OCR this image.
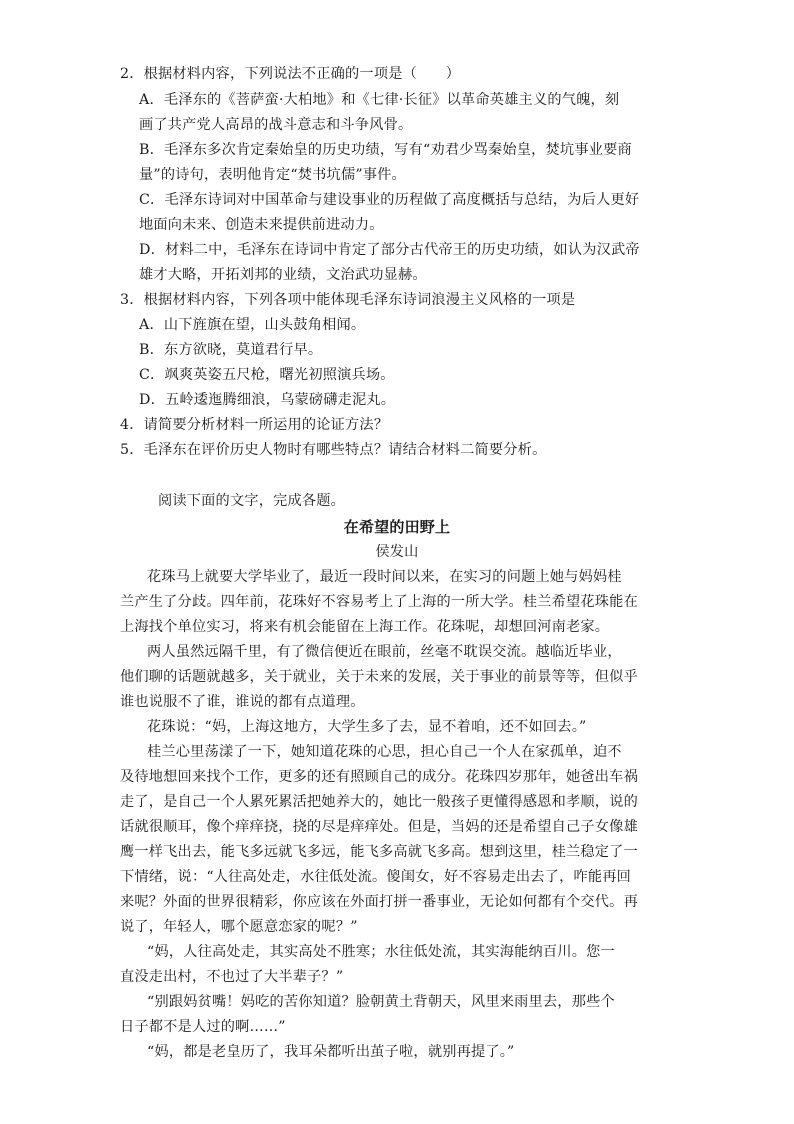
2．根据材料内容，下列说法不正确的一项是（　　）
A．毛泽东的《菩萨蛮·大柏地》和《七律·长征》以革命英雄主义的气魄，刻
画了共产党人高昂的战斗意志和斗争风骨。
B．毛泽东多次肯定秦始皇的历史功绩，写有“劝君少骂秦始皇，焚坑事业要商
量”的诗句，表明他肯定“焚书坑儒”事件。
C．毛泽东诗词对中国革命与建设事业的历程做了高度概括与总结，为后人更好
地面向未来、创造未来提供前进动力。
D．材料二中，毛泽东在诗词中肯定了部分古代帝王的历史功绩，如认为汉武帝
雄才大略，开拓刘邦的业绩，文治武功显赫。
3．根据材料内容，下列各项中能体现毛泽东诗词浪漫主义风格的一项是
A．山下旌旗在望，山头鼓角相闻。
B．东方欲晓，莫道君行早。
C．飒爽英姿五尺枪，曙光初照演兵场。
D．五岭逶迤腾细浪，乌蒙磅礴走泥丸。
4．请简要分析材料一所运用的论证方法？
5．毛泽东在评价历史人物时有哪些特点？请结合材料二简要分析。
阅读下面的文字，完成各题。
在希望的田野上
侯发山
花珠马上就要大学毕业了，最近一段时间以来，在实习的问题上她与妈妈桂
兰产生了分歧。四年前，花珠好不容易考上了上海的一所大学。桂兰希望花珠能在
上海找个单位实习，将来有机会能留在上海工作。花珠呢，却想回河南老家。
两人虽然远隔千里，有了微信便近在眼前，丝毫不耽误交流。越临近毕业，
他们聊的话题就越多，关于就业，关于未来的发展，关于事业的前景等等，但似乎
谁也说服不了谁，谁说的都有点道理。
花珠说：“妈，上海这地方，大学生多了去，显不着咱，还不如回去。”
桂兰心里荡漾了一下，她知道花珠的心思，担心自己一个人在家孤单，迫不
及待地想回来找个工作，更多的还有照顾自己的成分。花珠四岁那年，她爸出车祸
走了，是自己一个人累死累活把她养大的，她比一般孩子更懂得感恩和孝顺，说的
话就很顺耳，像个痒痒挠，挠的尽是痒痒处。但是，当妈的还是希望自己子女像雄
鹰一样飞出去，能飞多远就飞多远，能飞多高就飞多高。想到这里，桂兰稳定了一
下情绪，说：“人往高处走，水往低处流。傻闺女，好不容易走出去了，咋能再回
来呢？外面的世界很精彩，你应该在外面打拼一番事业，无论如何都有个交代。再
说了，年轻人，哪个愿意恋家的呢？”
“妈，人往高处走，其实高处不胜寒；水往低处流，其实海能纳百川。您一
直没走出村，不也过了大半辈子？”
“别跟妈贫嘴！妈吃的苦你知道？脸朝黄土背朝天，风里来雨里去，那些个
日子都不是人过的啊……”
“妈，都是老皇历了，我耳朵都听出茧子啦，就别再提了。”
